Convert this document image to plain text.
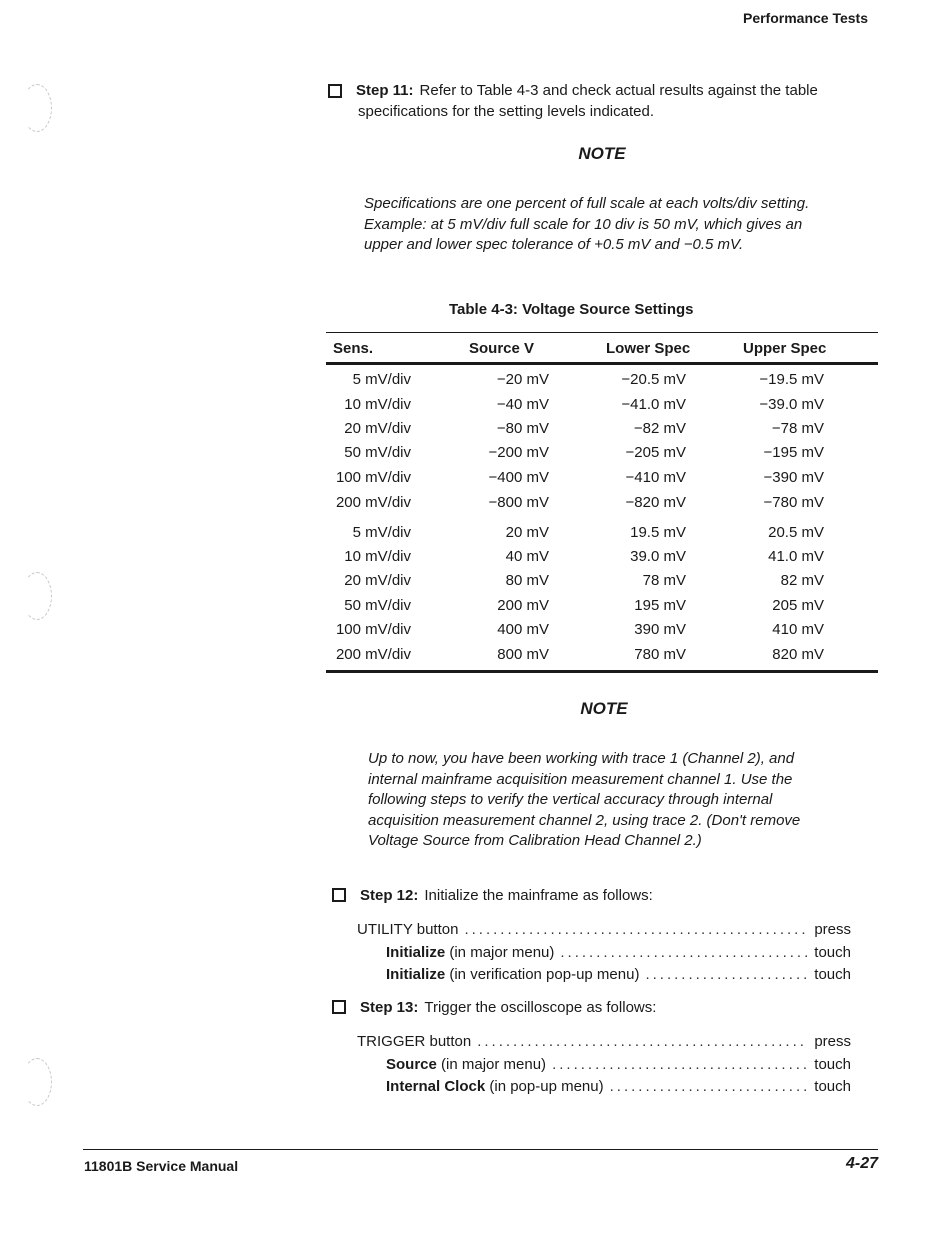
Performance Tests
Step 11: Refer to Table 4-3 and check actual results against the table
specifications for the setting levels indicated.
NOTE
Specifications are one percent of full scale at each volts/div setting.
Example: at 5 mV/div full scale for 10 div is 50 mV, which gives an
upper and lower spec tolerance of +0.5 mV and −0.5 mV.
Table 4-3: Voltage Source Settings
Sens.	Source V	Lower Spec	Upper Spec
5 mV/div	−20 mV	−20.5 mV	−19.5 mV
10 mV/div	−40 mV	−41.0 mV	−39.0 mV
20 mV/div	−80 mV	−82 mV	−78 mV
50 mV/div	−200 mV	−205 mV	−195 mV
100 mV/div	−400 mV	−410 mV	−390 mV
200 mV/div	−800 mV	−820 mV	−780 mV
5 mV/div	20 mV	19.5 mV	20.5 mV
10 mV/div	40 mV	39.0 mV	41.0 mV
20 mV/div	80 mV	78 mV	82 mV
50 mV/div	200 mV	195 mV	205 mV
100 mV/div	400 mV	390 mV	410 mV
200 mV/div	800 mV	780 mV	820 mV
NOTE
Up to now, you have been working with trace 1 (Channel 2), and
internal mainframe acquisition measurement channel 1. Use the
following steps to verify the vertical accuracy through internal
acquisition measurement channel 2, using trace 2. (Don't remove
Voltage Source from Calibration Head Channel 2.)
Step 12: Initialize the mainframe as follows:
UTILITY button .....	press
Initialize (in major menu) .....	touch
Initialize (in verification pop-up menu) .....	touch
Step 13: Trigger the oscilloscope as follows:
TRIGGER button .....	press
Source (in major menu) .....	touch
Internal Clock (in pop-up menu) .....	touch
11801B Service Manual	4-27
